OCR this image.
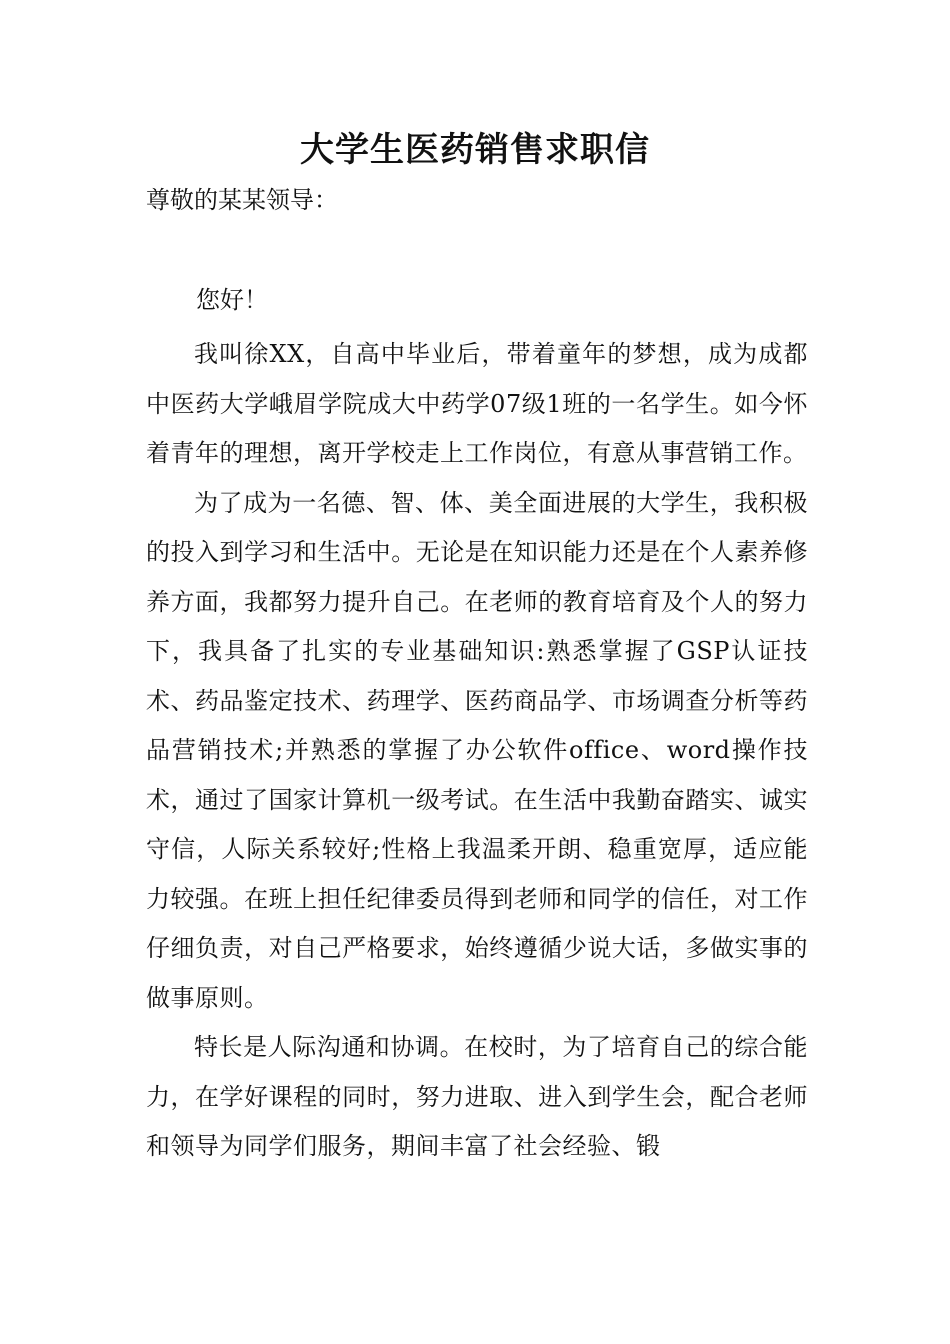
大学生医药销售求职信
尊敬的某某领导：
您好！

我叫徐XX，自高中毕业后，带着童年的梦想，成为成都中医药大学峨眉学院成大中药学07级1班的一名学生。如今怀着青年的理想，离开学校走上工作岗位，有意从事营销工作。

为了成为一名德、智、体、美全面进展的大学生，我积极的投入到学习和生活中。无论是在知识能力还是在个人素养修养方面，我都努力提升自己。在老师的教育培育及个人的努力下，我具备了扎实的专业基础知识:熟悉掌握了GSP认证技术、药品鉴定技术、药理学、医药商品学、市场调查分析等药品营销技术;并熟悉的掌握了办公软件office、word操作技术，通过了国家计算机一级考试。在生活中我勤奋踏实、诚实守信，人际关系较好;性格上我温柔开朗、稳重宽厚，适应能力较强。在班上担任纪律委员得到老师和同学的信任，对工作仔细负责，对自己严格要求，始终遵循少说大话，多做实事的做事原则。

特长是人际沟通和协调。在校时，为了培育自己的综合能力，在学好课程的同时，努力进取、进入到学生会，配合老师和领导为同学们服务，期间丰富了社会经验、锻
